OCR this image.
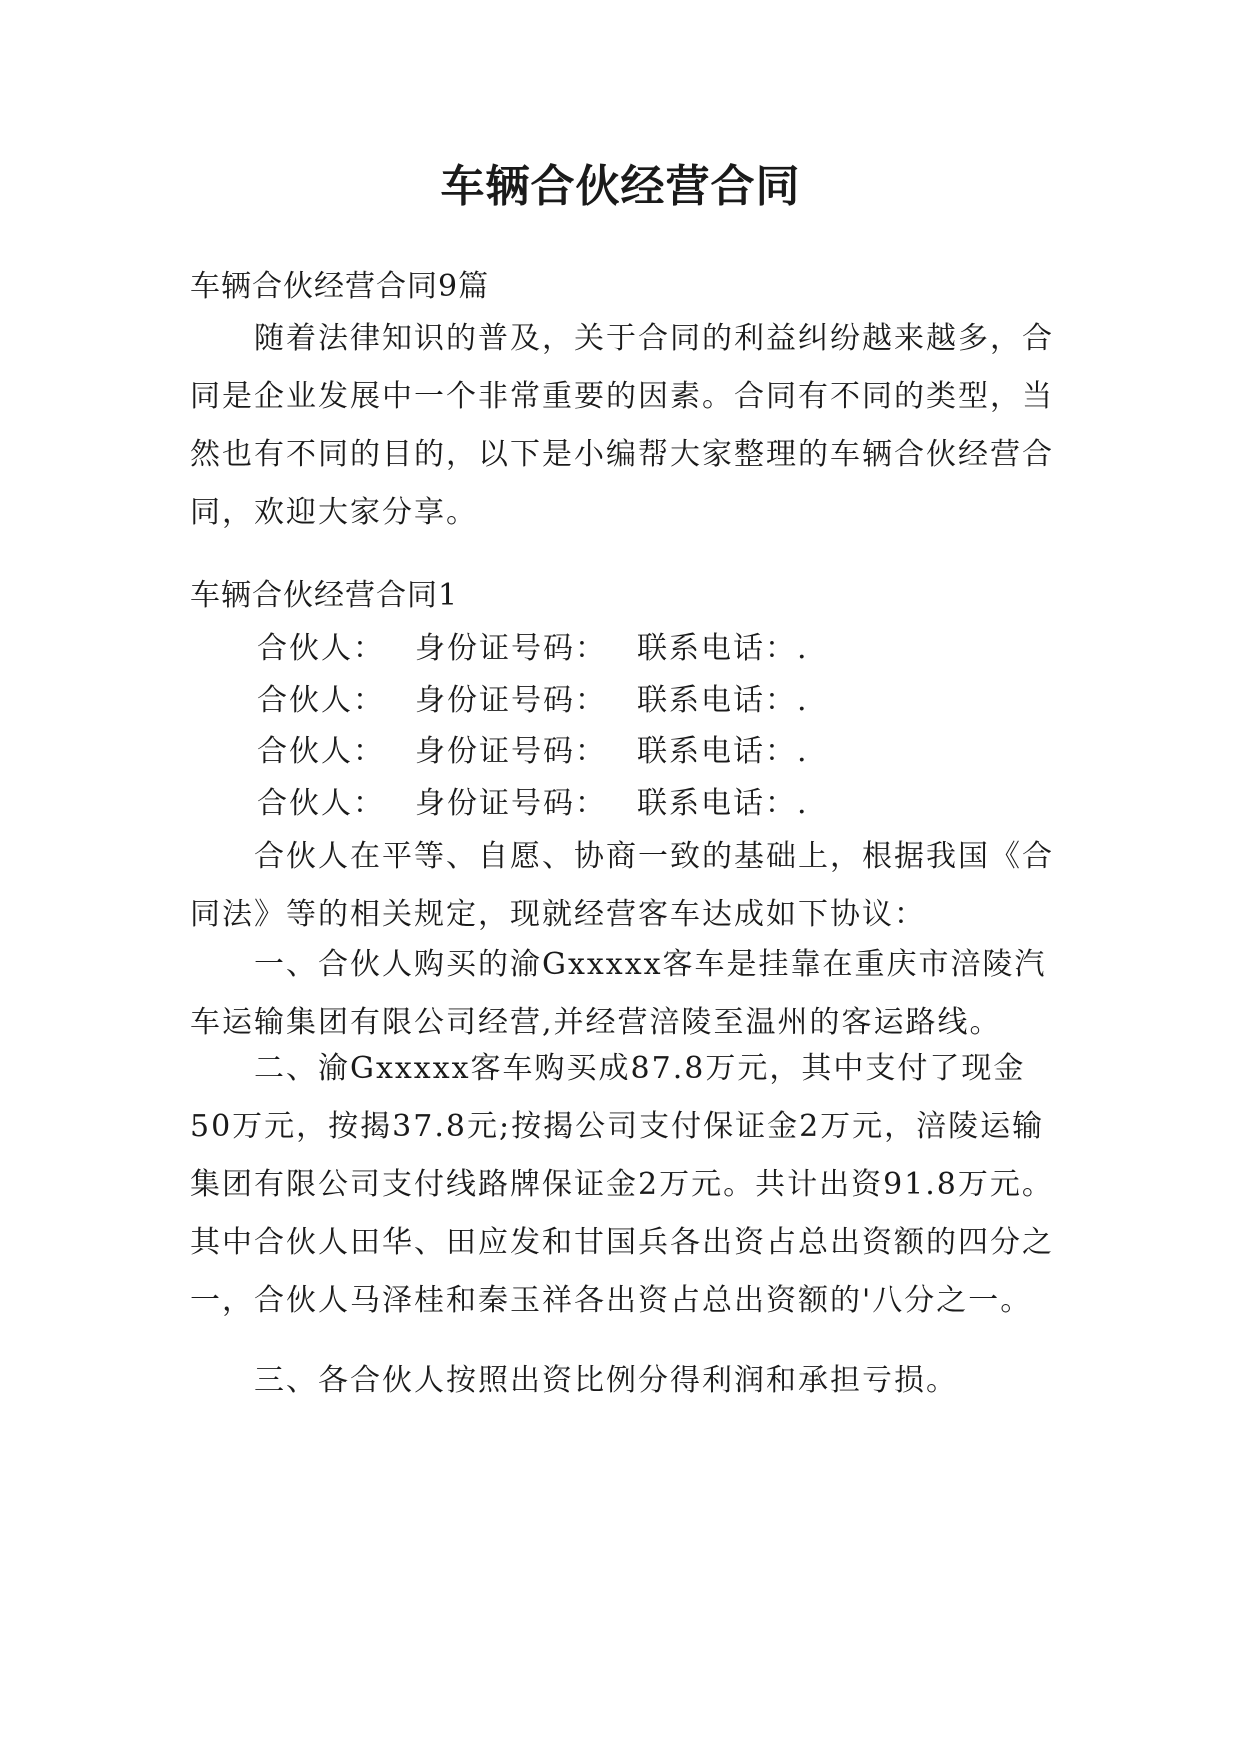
车辆合伙经营合同

车辆合伙经营合同9篇

随着法律知识的普及，关于合同的利益纠纷越来越多，合同是企业发展中一个非常重要的因素。合同有不同的类型，当然也有不同的目的，以下是小编帮大家整理的车辆合伙经营合同，欢迎大家分享。

车辆合伙经营合同1

合伙人： 身份证号码： 联系电话：.
合伙人： 身份证号码： 联系电话：.
合伙人： 身份证号码： 联系电话：.
合伙人： 身份证号码： 联系电话：.

合伙人在平等、自愿、协商一致的基础上，根据我国《合同法》等的相关规定，现就经营客车达成如下协议：

一、合伙人购买的渝Gxxxxx客车是挂靠在重庆市涪陵汽车运输集团有限公司经营,并经营涪陵至温州的客运路线。

二、渝Gxxxxx客车购买成87.8万元，其中支付了现金50万元，按揭37.8元;按揭公司支付保证金2万元，涪陵运输集团有限公司支付线路牌保证金2万元。共计出资91.8万元。其中合伙人田华、田应发和甘国兵各出资占总出资额的四分之一，合伙人马泽桂和秦玉祥各出资占总出资额的'八分之一。

三、各合伙人按照出资比例分得利润和承担亏损。
